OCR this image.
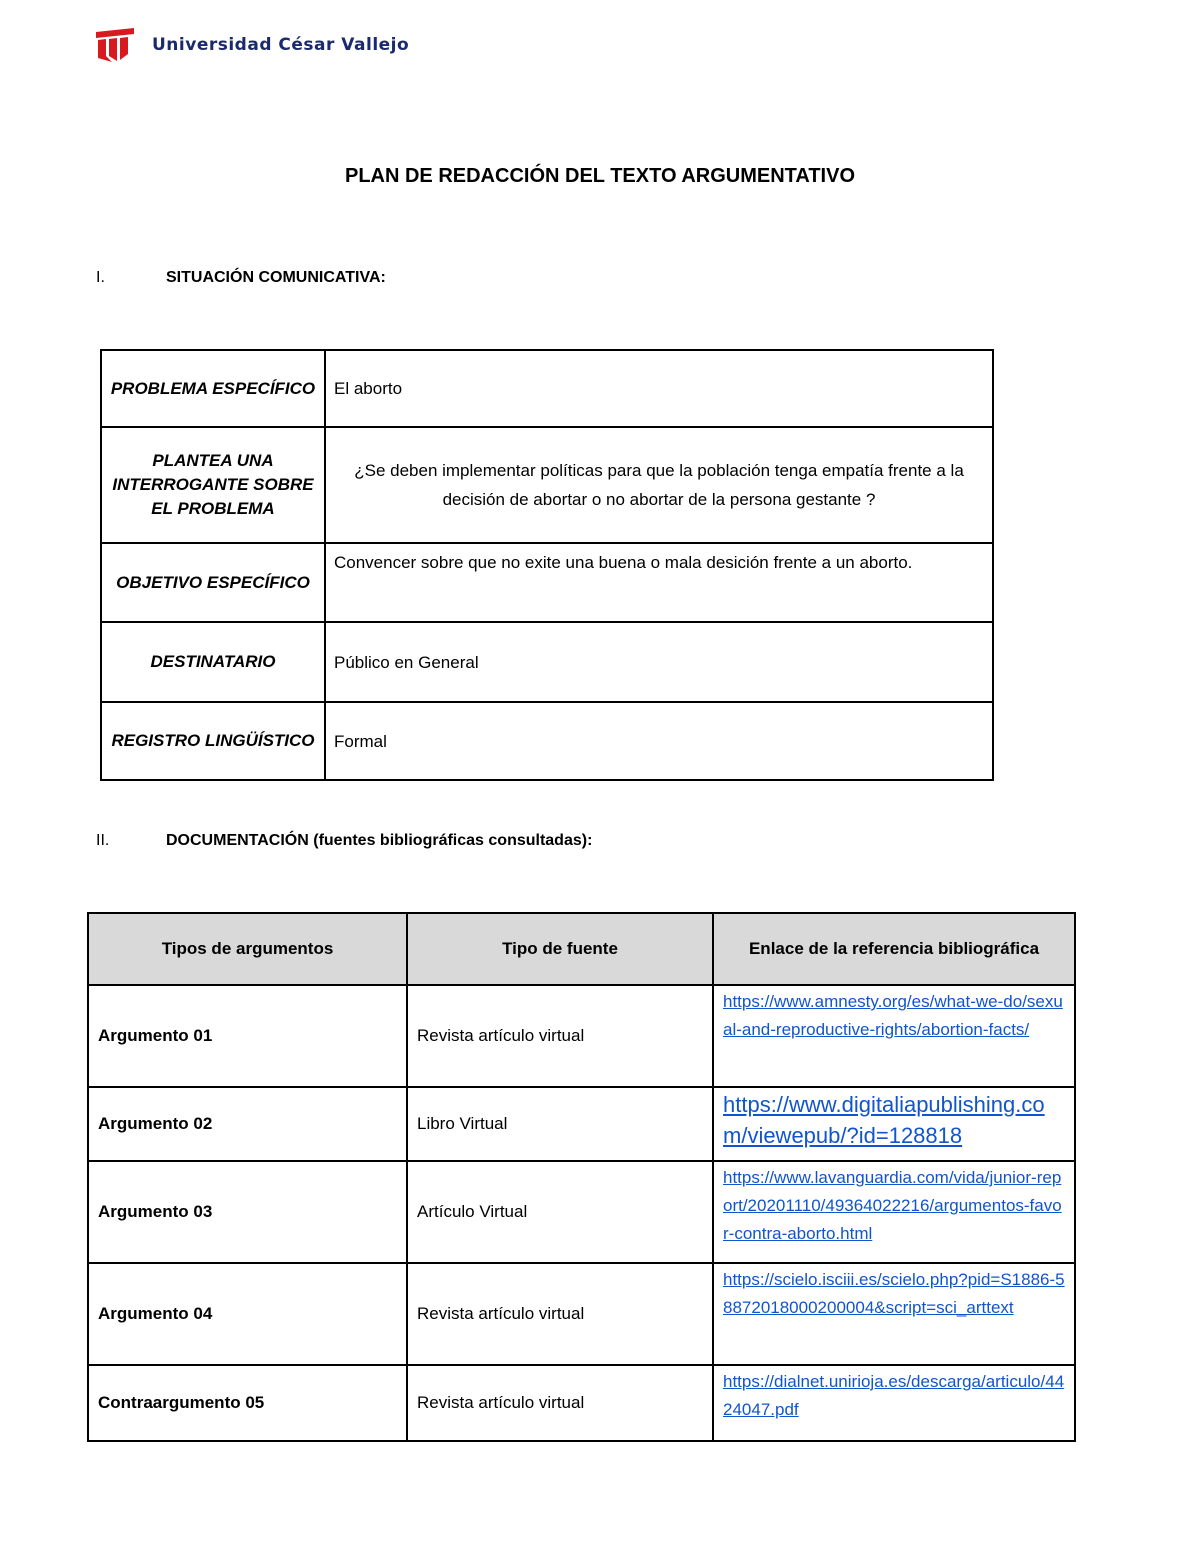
Universidad César Vallejo
PLAN DE REDACCIÓN DEL TEXTO ARGUMENTATIVO
I.	SITUACIÓN COMUNICATIVA:
PROBLEMA ESPECÍFICO	El aborto
PLANTEA UNA INTERROGANTE SOBRE EL PROBLEMA	¿Se deben implementar políticas para que la población tenga empatía frente a la decisión de abortar o no abortar de la persona gestante ?
OBJETIVO ESPECÍFICO	Convencer sobre que no exite una buena o mala desición frente a un aborto.
DESTINATARIO	Público en General
REGISTRO LINGÜÍSTICO	Formal
II.	DOCUMENTACIÓN (fuentes bibliográficas consultadas):
Tipos de argumentos	Tipo de fuente	Enlace de la referencia bibliográfica
Argumento 01	Revista artículo virtual	https://www.amnesty.org/es/what-we-do/sexual-and-reproductive-rights/abortion-facts/
Argumento 02	Libro Virtual	https://www.digitaliapublishing.com/viewepub/?id=128818
Argumento 03	Artículo Virtual	https://www.lavanguardia.com/vida/junior-report/20201110/49364022216/argumentos-favor-contra-aborto.html
Argumento 04	Revista artículo virtual	https://scielo.isciii.es/scielo.php?pid=S1886-58872018000200004&script=sci_arttext
Contraargumento 05	Revista artículo virtual	https://dialnet.unirioja.es/descarga/articulo/4424047.pdf
